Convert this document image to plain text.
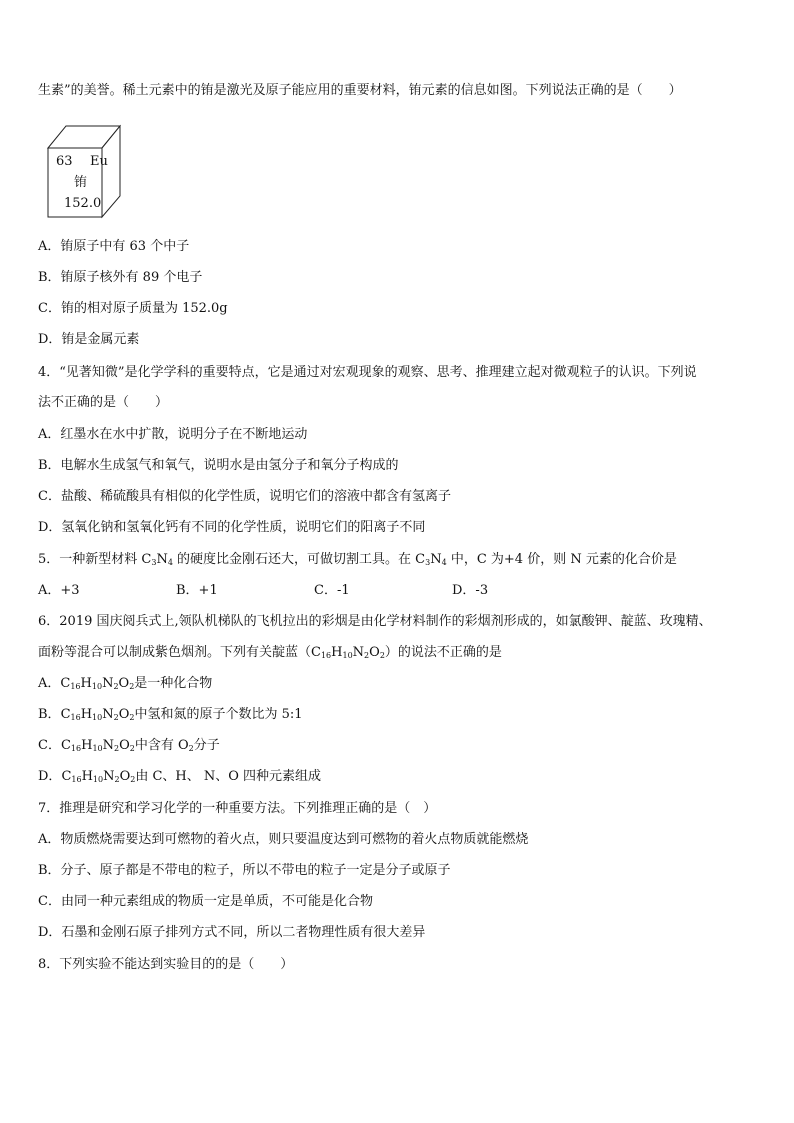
生素”的美誉。稀土元素中的铕是激光及原子能应用的重要材料，铕元素的信息如图。下列说法正确的是（　　）
63 Eu
铕
152.0
A．铕原子中有 63 个中子
B．铕原子核外有 89 个电子
C．铕的相对原子质量为 152.0g
D．铕是金属元素
4．“见著知微”是化学学科的重要特点，它是通过对宏观现象的观察、思考、推理建立起对微观粒子的认识。下列说
法不正确的是（　　）
A．红墨水在水中扩散，说明分子在不断地运动
B．电解水生成氢气和氧气，说明水是由氢分子和氧分子构成的
C．盐酸、稀硫酸具有相似的化学性质，说明它们的溶液中都含有氢离子
D．氢氧化钠和氢氧化钙有不同的化学性质，说明它们的阳离子不同
5．一种新型材料 $C_3N_4$ 的硬度比金刚石还大，可做切割工具。在 $C_3N_4$ 中，C 为+4 价，则 N 元素的化合价是
A．+3	B．+1	C．-1	D．-3
6．2019 国庆阅兵式上,领队机梯队的飞机拉出的彩烟是由化学材料制作的彩烟剂形成的，如氯酸钾、靛蓝、玫瑰精、
面粉等混合可以制成紫色烟剂。下列有关靛蓝$(C_{16}H_{10}N_2O_2)$的说法不正确的是
A．$C_{16}H_{10}N_2O_2$是一种化合物
B．$C_{16}H_{10}N_2O_2$中氢和氮的原子个数比为 5:1
C．$C_{16}H_{10}N_2O_2$中含有 $O_2$分子
D．$C_{16}H_{10}N_2O_2$由 C、H、 N、O 四种元素组成
7．推理是研究和学习化学的一种重要方法。下列推理正确的是（　）
A．物质燃烧需要达到可燃物的着火点，则只要温度达到可燃物的着火点物质就能燃烧
B．分子、原子都是不带电的粒子，所以不带电的粒子一定是分子或原子
C．由同一种元素组成的物质一定是单质，不可能是化合物
D．石墨和金刚石原子排列方式不同，所以二者物理性质有很大差异
8．下列实验不能达到实验目的的是（　　）
